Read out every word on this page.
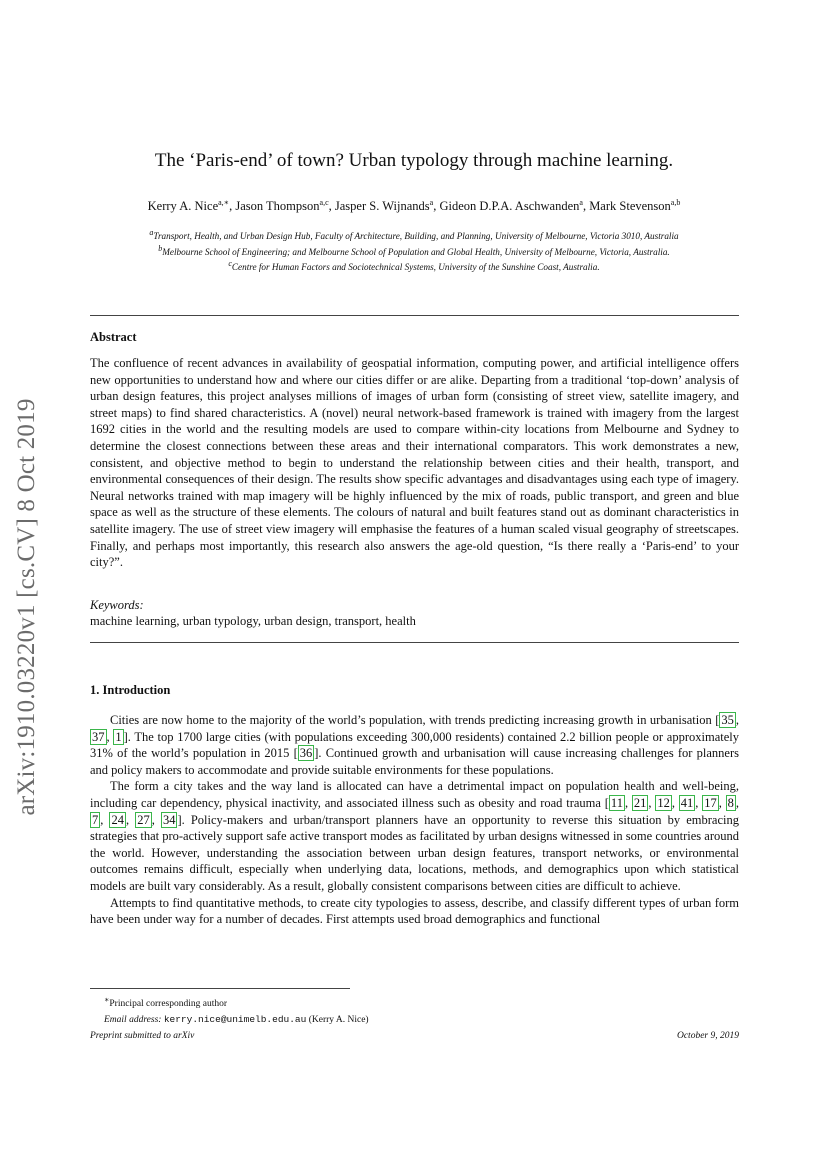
arXiv:1910.03220v1 [cs.CV] 8 Oct 2019
The ‘Paris-end’ of town? Urban typology through machine learning.
Kerry A. Nice$^{a,∗}$, Jason Thompson$^{a,c}$, Jasper S. Wijnands$^a$, Gideon D.P.A. Aschwanden$^a$, Mark Stevenson$^{a,b}$
$^a$Transport, Health, and Urban Design Hub, Faculty of Architecture, Building, and Planning, University of Melbourne, Victoria 3010, Australia
$^b$Melbourne School of Engineering; and Melbourne School of Population and Global Health, University of Melbourne, Victoria, Australia.
$^c$Centre for Human Factors and Sociotechnical Systems, University of the Sunshine Coast, Australia.
Abstract
The confluence of recent advances in availability of geospatial information, computing power, and artificial intelligence offers new opportunities to understand how and where our cities differ or are alike. Departing from a traditional ‘top-down’ analysis of urban design features, this project analyses millions of images of urban form (consisting of street view, satellite imagery, and street maps) to find shared characteristics. A (novel) neural network-based framework is trained with imagery from the largest 1692 cities in the world and the resulting models are used to compare within-city locations from Melbourne and Sydney to determine the closest connections between these areas and their international comparators. This work demonstrates a new, consistent, and objective method to begin to understand the relationship between cities and their health, transport, and environmental consequences of their design. The results show specific advantages and disadvantages using each type of imagery. Neural networks trained with map imagery will be highly influenced by the mix of roads, public transport, and green and blue space as well as the structure of these elements. The colours of natural and built features stand out as dominant characteristics in satellite imagery. The use of street view imagery will emphasise the features of a human scaled visual geography of streetscapes. Finally, and perhaps most importantly, this research also answers the age-old question, “Is there really a ‘Paris-end’ to your city?”.
Keywords:
machine learning, urban typology, urban design, transport, health
1. Introduction

Cities are now home to the majority of the world’s population, with trends predicting increasing growth in urbanisation [ 35 , 37 , 1 ]. The top 1700 large cities (with populations exceeding 300,000 residents) contained 2.2 billion people or approximately 31% of the world’s population in 2015 [ 36 ]. Continued growth and urbanisation will cause increasing challenges for planners and policy makers to accommodate and provide suitable environments for these populations.

The form a city takes and the way land is allocated can have a detrimental impact on population health and well-being, including car dependency, physical inactivity, and associated illness such as obesity and road trauma [ 11 , 21 , 12 , 41 , 17 , 8 , 7 , 24 , 27 , 34 ]. Policy-makers and urban/transport planners have an opportunity to reverse this situation by embracing strategies that pro-actively support safe active transport modes as facilitated by urban designs witnessed in some countries around the world. However, understanding the association between urban design features, transport networks, or environmental outcomes remains difficult, especially when underlying data, locations, methods, and demographics upon which statistical models are built vary considerably. As a result, globally consistent comparisons between cities are difficult to achieve.

Attempts to find quantitative methods, to create city typologies to assess, describe, and classify different types of urban form have been under way for a number of decades. First attempts used broad demographics and functional

∗Principal corresponding author
Email address: kerry.nice@unimelb.edu.au (Kerry A. Nice)
Preprint submitted to arXiv	October 9, 2019
